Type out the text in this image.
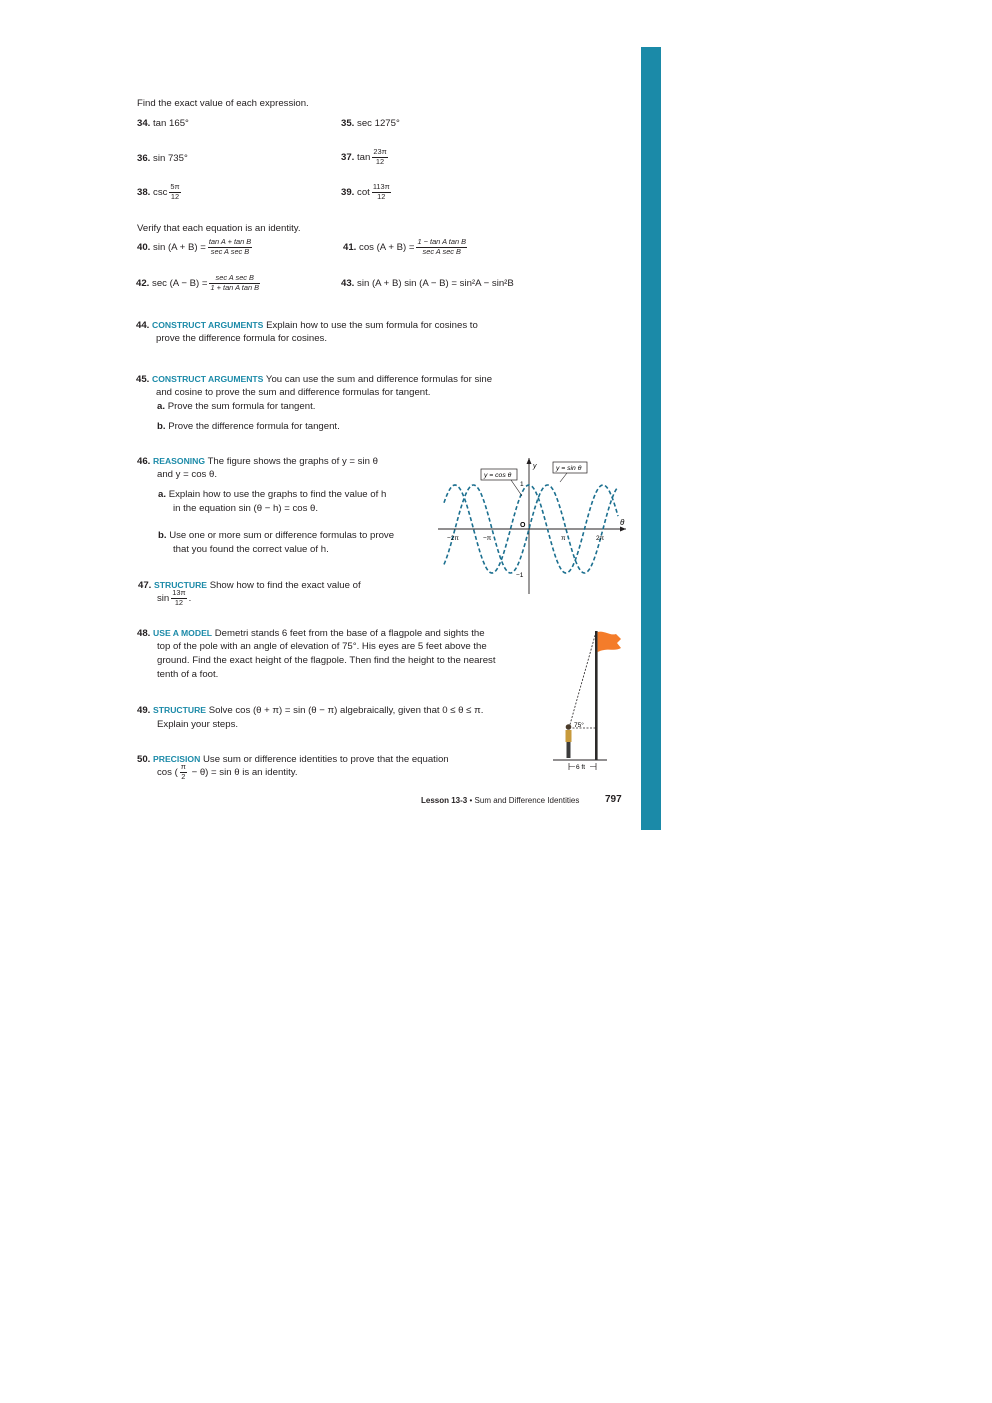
Find the exact value of each expression.
34. tan 165°	35. sec 1275°
36. sin 735°	37. $\tan \frac{23\pi}{12}$
38. $\csc \frac{5\pi}{12}$	39. $\cot \frac{113\pi}{12}$
Verify that each equation is an identity.
40. $\sin (A + B) = \frac{\text{tan A + tan B}}{\text{sec A sec B}}$	41. $\cos (A + B) = \frac{\text{1 − tan A tan B}}{\text{sec A sec B}}$
42. $\sec (A - B) = \frac{\text{sec A sec B}}{\text{1 + tan A tan B}}$	43. sin (A + B) sin (A − B) = sin²A − sin²B
44. CONSTRUCT ARGUMENTS Explain how to use the sum formula for cosines to
prove the difference formula for cosines.
45. CONSTRUCT ARGUMENTS You can use the sum and difference formulas for sine
and cosine to prove the sum and difference formulas for tangent.
a. Prove the sum formula for tangent.
b. Prove the difference formula for tangent.
46. REASONING The figure shows the graphs of y = sin θ
and y = cos θ.
a. Explain how to use the graphs to find the value of h
in the equation sin (θ − h) = cos θ.
b. Use one or more sum or difference formulas to prove
that you found the correct value of h.
47. STRUCTURE Show how to find the exact value of
$\sin \frac{13\pi}{12}$ .
48. USE A MODEL Demetri stands 6 feet from the base of a flagpole and sights the
top of the pole with an angle of elevation of 75°. His eyes are 5 feet above the
ground. Find the exact height of the flagpole. Then find the height to the nearest
tenth of a foot.
49. STRUCTURE Solve cos (θ + π) = sin (θ − π) algebraically, given that 0 ≤ θ ≤ π.
Explain your steps.
50. PRECISION Use sum or difference identities to prove that the equation
cos ( $\frac{\pi}{2} - \theta) = \sin \theta$ is an identity.
Lesson 13-3 • Sum and Difference Identities	797
y
θ
O
−2π	−π	π	2π
1
−1
y = cos θ
y = sin θ
75°
6 ft
